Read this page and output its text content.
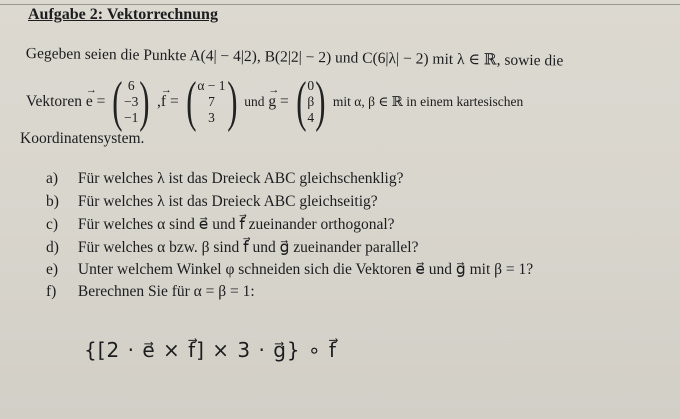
Aufgabe 2: Vektorrechnung
Gegeben seien die Punkte A(4| − 4|2), B(2|2| − 2) und C(6|λ| − 2) mit λ ∈ ℝ, sowie die
Vektoren
→ e = ( 6
−3
−1 ) , → f = ( α − 1
7
3 ) und
→ g = ( 0
β
4 ) mit α, β ∈ ℝ in einem kartesischen
Koordinatensystem.
a) Für welches λ ist das Dreieck ABC gleichschenklig?
b) Für welches λ ist das Dreieck ABC gleichseitig?
c) Für welches α sind e⃗ und f⃗ zueinander orthogonal?
d) Für welches α bzw. β sind f⃗ und g⃗ zueinander parallel?
e) Unter welchem Winkel φ schneiden sich die Vektoren e⃗ und g⃗ mit β = 1?
f) Berechnen Sie für α = β = 1:
{[2 · e⃗ × f⃗] × 3 · g⃗} ∘ f⃗
